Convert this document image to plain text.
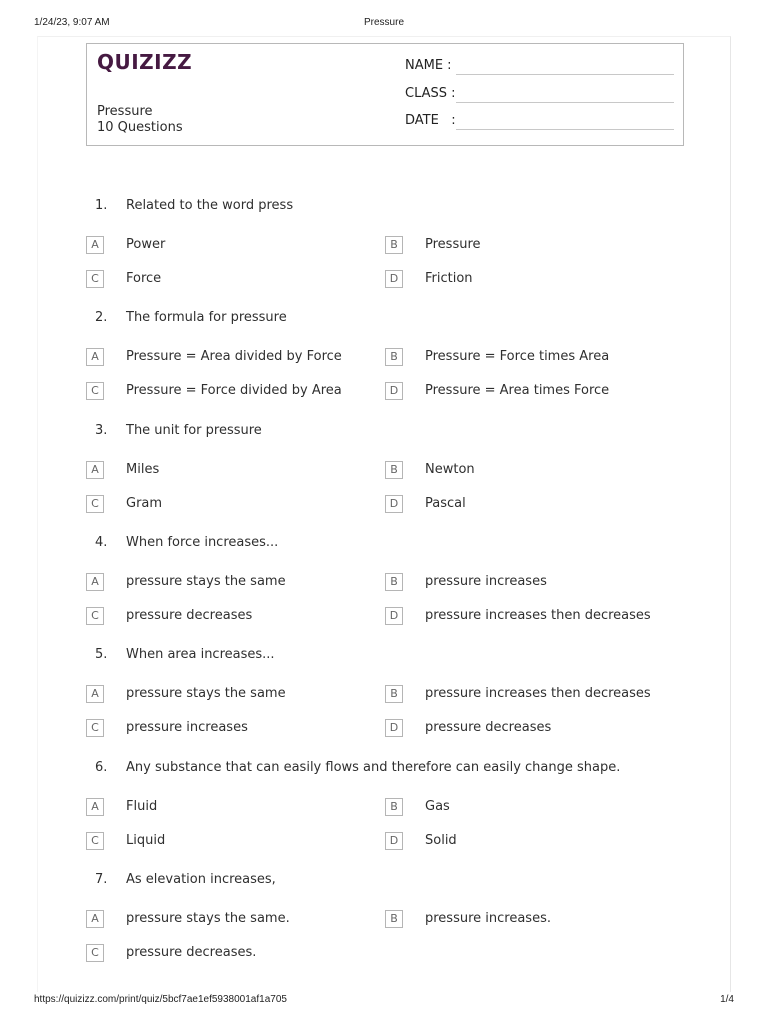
1/24/23, 9:07 AM	Pressure
QUIZIZZ
Pressure
10 Questions
NAME :
CLASS :
DATE   :
1. Related to the word press
A	Power	B	Pressure
C	Force	D	Friction
2. The formula for pressure
A	Pressure = Area divided by Force	B	Pressure = Force times Area
C	Pressure = Force divided by Area	D	Pressure = Area times Force
3. The unit for pressure
A	Miles	B	Newton
C	Gram	D	Pascal
4. When force increases...
A	pressure stays the same	B	pressure increases
C	pressure decreases	D	pressure increases then decreases
5. When area increases...
A	pressure stays the same	B	pressure increases then decreases
C	pressure increases	D	pressure decreases
6. Any substance that can easily flows and therefore can easily change shape.
A	Fluid	B	Gas
C	Liquid	D	Solid
7. As elevation increases,
A	pressure stays the same.	B	pressure increases.
C	pressure decreases.
https://quizizz.com/print/quiz/5bcf7ae1ef5938001af1a705	1/4
